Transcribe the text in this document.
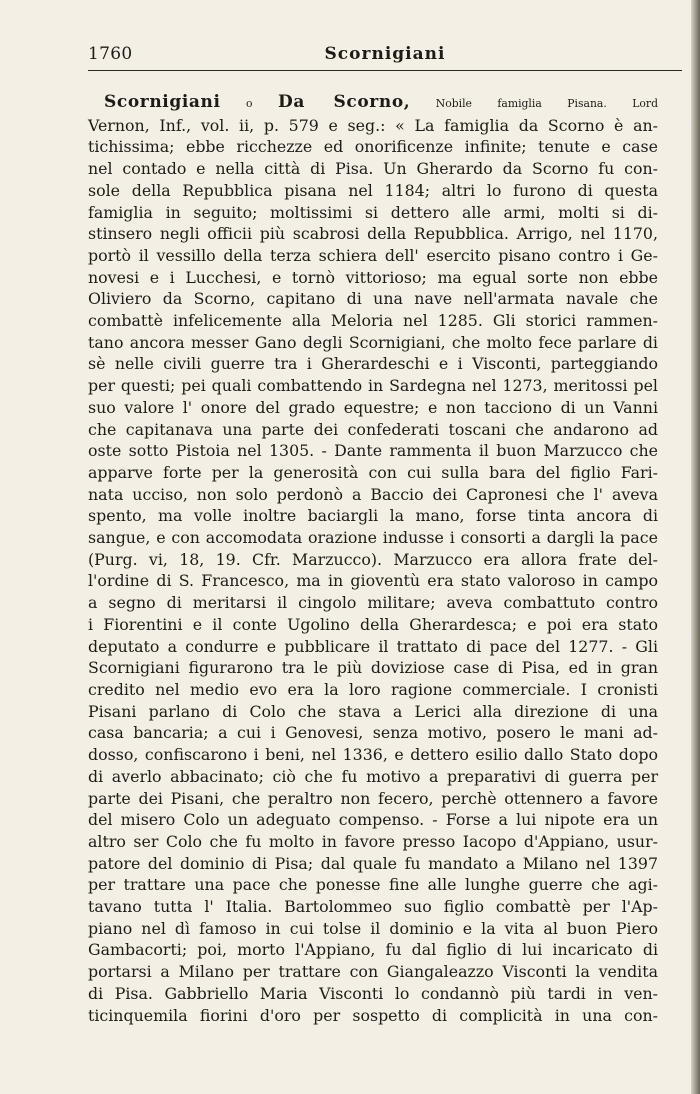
1760	Scornigiani
Scornigiani o Da Scorno, Nobile famiglia Pisana. Lord
Vernon, Inf., vol. ii, p. 579 e seg.: « La famiglia da Scorno è an-
tichissima; ebbe ricchezze ed onorificenze infinite; tenute e case
nel contado e nella città di Pisa. Un Gherardo da Scorno fu con-
sole della Repubblica pisana nel 1184; altri lo furono di questa
famiglia in seguito; moltissimi si dettero alle armi, molti si di-
stinsero negli officii più scabrosi della Repubblica. Arrigo, nel 1170,
portò il vessillo della terza schiera dell' esercito pisano contro i Ge-
novesi e i Lucchesi, e tornò vittorioso; ma egual sorte non ebbe
Oliviero da Scorno, capitano di una nave nell'armata navale che
combattè infelicemente alla Meloria nel 1285. Gli storici rammen-
tano ancora messer Gano degli Scornigiani, che molto fece parlare di
sè nelle civili guerre tra i Gherardeschi e i Visconti, parteggiando
per questi; pei quali combattendo in Sardegna nel 1273, meritossi pel
suo valore l' onore del grado equestre; e non tacciono di un Vanni
che capitanava una parte dei confederati toscani che andarono ad
oste sotto Pistoia nel 1305. - Dante rammenta il buon Marzucco che
apparve forte per la generosità con cui sulla bara del figlio Fari-
nata ucciso, non solo perdonò a Baccio dei Capronesi che l' aveva
spento, ma volle inoltre baciargli la mano, forse tinta ancora di
sangue, e con accomodata orazione indusse i consorti a dargli la pace
(Purg. vi, 18, 19. Cfr. Marzucco). Marzucco era allora frate del-
l'ordine di S. Francesco, ma in gioventù era stato valoroso in campo
a segno di meritarsi il cingolo militare; aveva combattuto contro
i Fiorentini e il conte Ugolino della Gherardesca; e poi era stato
deputato a condurre e pubblicare il trattato di pace del 1277. - Gli
Scornigiani figurarono tra le più doviziose case di Pisa, ed in gran
credito nel medio evo era la loro ragione commerciale. I cronisti
Pisani parlano di Colo che stava a Lerici alla direzione di una
casa bancaria; a cui i Genovesi, senza motivo, posero le mani ad-
dosso, confiscarono i beni, nel 1336, e dettero esilio dallo Stato dopo
di averlo abbacinato; ciò che fu motivo a preparativi di guerra per
parte dei Pisani, che peraltro non fecero, perchè ottennero a favore
del misero Colo un adeguato compenso. - Forse a lui nipote era un
altro ser Colo che fu molto in favore presso Iacopo d'Appiano, usur-
patore del dominio di Pisa; dal quale fu mandato a Milano nel 1397
per trattare una pace che ponesse fine alle lunghe guerre che agi-
tavano tutta l' Italia. Bartolommeo suo figlio combattè per l'Ap-
piano nel dì famoso in cui tolse il dominio e la vita al buon Piero
Gambacorti; poi, morto l'Appiano, fu dal figlio di lui incaricato di
portarsi a Milano per trattare con Giangaleazzo Visconti la vendita
di Pisa. Gabbriello Maria Visconti lo condannò più tardi in ven-
ticinquemila fiorini d'oro per sospetto di complicità in una con-
